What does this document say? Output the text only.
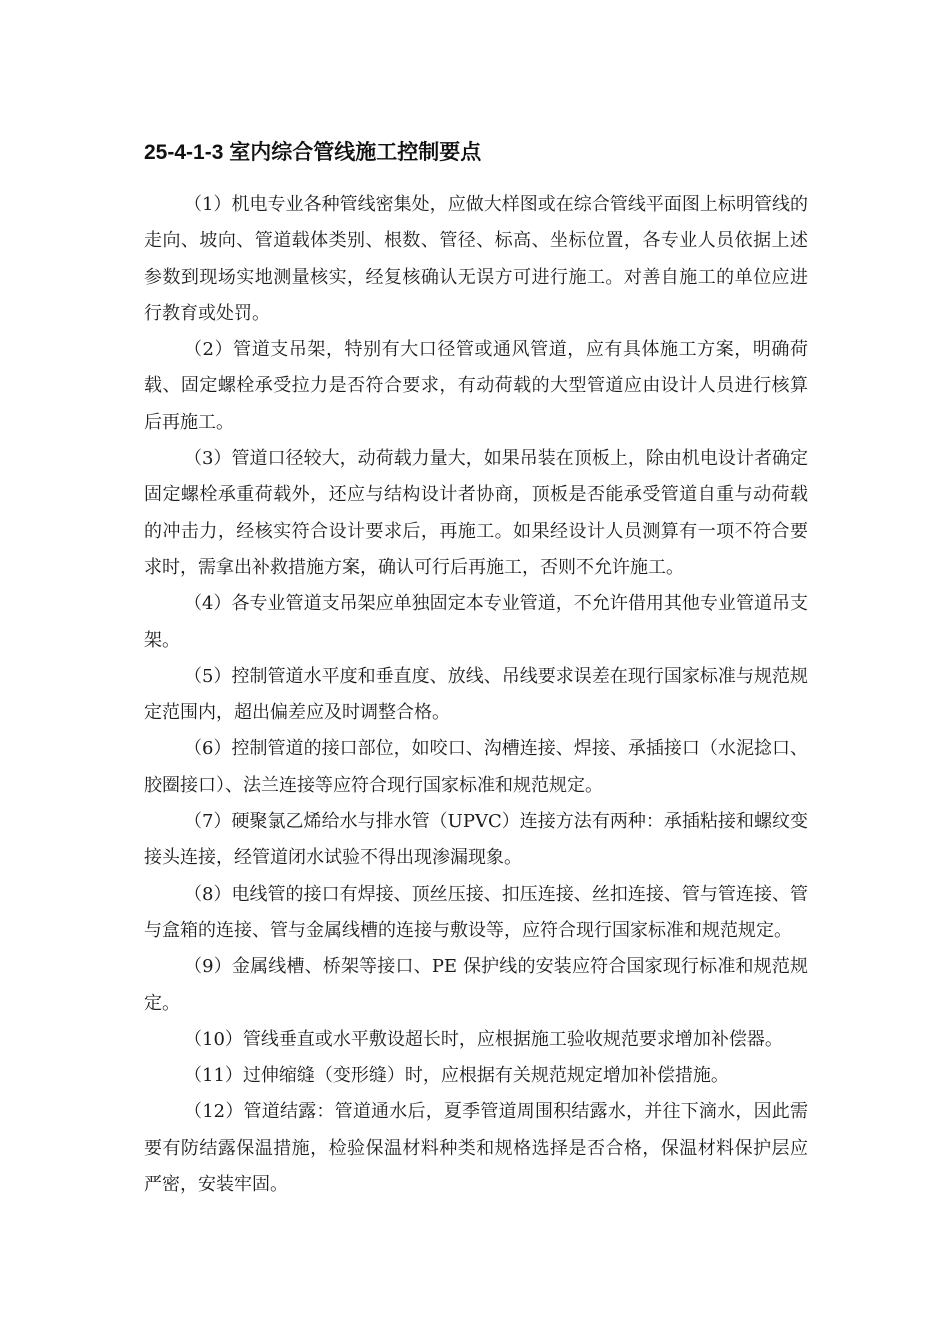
25-4-1-3 室内综合管线施工控制要点

（1）机电专业各种管线密集处，应做大样图或在综合管线平面图上标明管线的走向、坡向、管道载体类别、根数、管径、标高、坐标位置，各专业人员依据上述参数到现场实地测量核实，经复核确认无误方可进行施工。对善自施工的单位应进行教育或处罚。

（2）管道支吊架，特别有大口径管或通风管道，应有具体施工方案，明确荷载、固定螺栓承受拉力是否符合要求，有动荷载的大型管道应由设计人员进行核算后再施工。

（3）管道口径较大，动荷载力量大，如果吊装在顶板上，除由机电设计者确定固定螺栓承重荷载外，还应与结构设计者协商，顶板是否能承受管道自重与动荷载的冲击力，经核实符合设计要求后，再施工。如果经设计人员测算有一项不符合要求时，需拿出补救措施方案，确认可行后再施工，否则不允许施工。

（4）各专业管道支吊架应单独固定本专业管道，不允许借用其他专业管道吊支架。

（5）控制管道水平度和垂直度、放线、吊线要求误差在现行国家标准与规范规定范围内，超出偏差应及时调整合格。

（6）控制管道的接口部位，如咬口、沟槽连接、焊接、承插接口（水泥捻口、胶圈接口）、法兰连接等应符合现行国家标准和规范规定。

（7）硬聚氯乙烯给水与排水管（UPVC）连接方法有两种：承插粘接和螺纹变接头连接，经管道闭水试验不得出现渗漏现象。

（8）电线管的接口有焊接、顶丝压接、扣压连接、丝扣连接、管与管连接、管与盒箱的连接、管与金属线槽的连接与敷设等，应符合现行国家标准和规范规定。

（9）金属线槽、桥架等接口、PE 保护线的安装应符合国家现行标准和规范规定。

（10）管线垂直或水平敷设超长时，应根据施工验收规范要求增加补偿器。

（11）过伸缩缝（变形缝）时，应根据有关规范规定增加补偿措施。

（12）管道结露：管道通水后，夏季管道周围积结露水，并往下滴水，因此需要有防结露保温措施，检验保温材料种类和规格选择是否合格，保温材料保护层应严密，安装牢固。
